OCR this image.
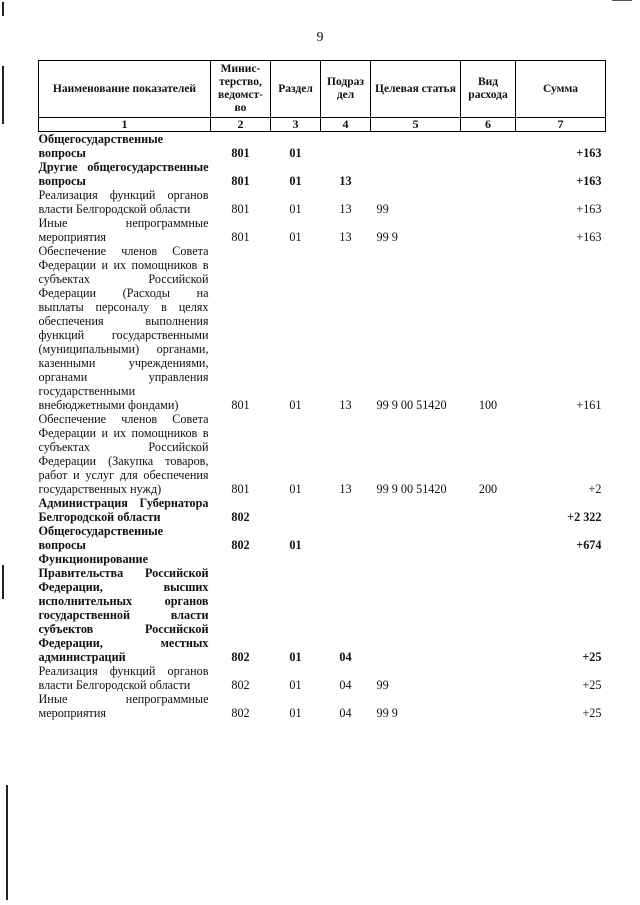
9
Наименование показателей	Минис-терство, ведомст-во	Раздел	Подраз дел	Целевая статья	Вид расхода	Сумма
1	2	3	4	5	6	7
Общегосударственные вопросы	801	01				+163
Другие общегосударственные вопросы	801	01	13			+163
Реализация функций органов власти Белгородской области	801	01	13	99		+163
Иные непрограммные мероприятия	801	01	13	99 9		+163
Обеспечение членов Совета Федерации и их помощников в субъектах Российской Федерации (Расходы на выплаты персоналу в целях обеспечения выполнения функций государственными (муниципальными) органами, казенными учреждениями, органами управления государственными внебюджетными фондами)	801	01	13	99 9 00 51420	100	+161
Обеспечение членов Совета Федерации и их помощников в субъектах Российской Федерации (Закупка товаров, работ и услуг для обеспечения государственных нужд)	801	01	13	99 9 00 51420	200	+2
Администрация Губернатора Белгородской области	802					+2 322
Общегосударственные вопросы	802	01				+674
Функционирование Правительства Российской Федерации, высших исполнительных органов государственной власти субъектов Российской Федерации, местных администраций	802	01	04			+25
Реализация функций органов власти Белгородской области	802	01	04	99		+25
Иные непрограммные мероприятия	802	01	04	99 9		+25
